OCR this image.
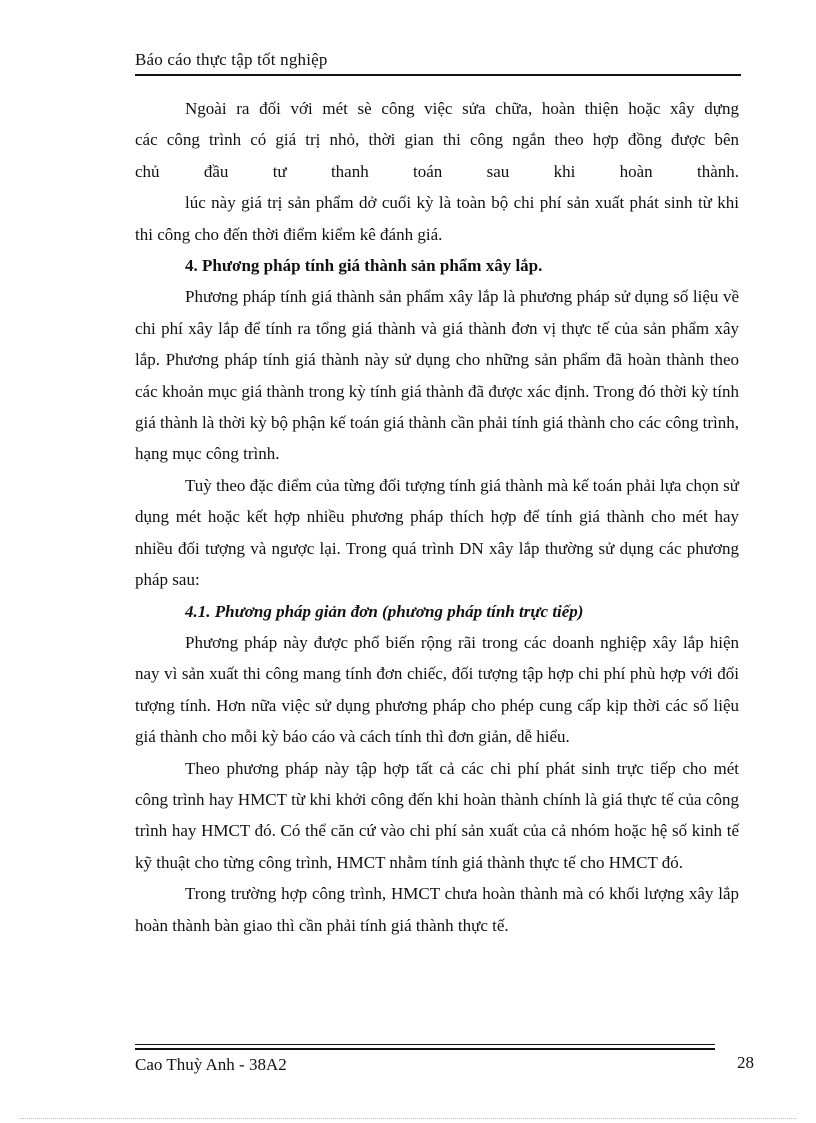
Báo cáo thực tập tốt nghiệp

Ngoài ra đối với mét sè công việc sửa chữa, hoàn thiện hoặc xây dựng
các công trình có giá trị nhỏ, thời gian thi công ngắn theo hợp đồng được bên
chủ đầu tư thanh toán sau khi hoàn thành.

lúc này giá trị sản phẩm dở cuối kỳ là toàn bộ chi phí sản xuất phát sinh từ khi thi công cho đến thời điểm kiểm kê đánh giá.

4. Phương pháp tính giá thành sản phẩm xây lắp.

Phương pháp tính giá thành sản phẩm xây lắp là phương pháp sử dụng số liệu về chi phí xây lắp để tính ra tổng giá thành và giá thành đơn vị thực tế của sản phẩm xây lắp. Phương pháp tính giá thành này sử dụng cho những sản phẩm đã hoàn thành theo các khoản mục giá thành trong kỳ tính giá thành đã được xác định. Trong đó thời kỳ tính giá thành là thời kỳ bộ phận kế toán giá thành cần phải tính giá thành cho các công trình, hạng mục công trình.

Tuỳ theo đặc điểm của từng đối tượng tính giá thành mà kế toán phải lựa chọn sử dụng mét hoặc kết hợp nhiều phương pháp thích hợp để tính giá thành cho mét hay nhiều đối tượng và ngược lại. Trong quá trình DN xây lắp thường sử dụng các phương pháp sau:

4.1. Phương pháp giản đơn (phương pháp tính trực tiếp)

Phương pháp này được phổ biến rộng rãi trong các doanh nghiệp xây lắp hiện nay vì sản xuất thi công mang tính đơn chiếc, đối tượng tập hợp chi phí phù hợp với đối tượng tính. Hơn nữa việc sử dụng phương pháp cho phép cung cấp kịp thời các số liệu giá thành cho mỗi kỳ báo cáo và cách tính thì đơn giản, dễ hiểu.

Theo phương pháp này tập hợp tất cả các chi phí phát sinh trực tiếp cho mét công trình hay HMCT từ khi khởi công đến khi hoàn thành chính là giá thực tế của công trình hay HMCT đó. Có thể căn cứ vào chi phí sản xuất của cả nhóm hoặc hệ số kinh tế kỹ thuật cho từng công trình, HMCT nhằm tính giá thành thực tế cho HMCT đó.

Trong trường hợp công trình, HMCT chưa hoàn thành mà có khối lượng xây lắp hoàn thành bàn giao thì cần phải tính giá thành thực tế.

Cao Thuỳ Anh - 38A2	28
